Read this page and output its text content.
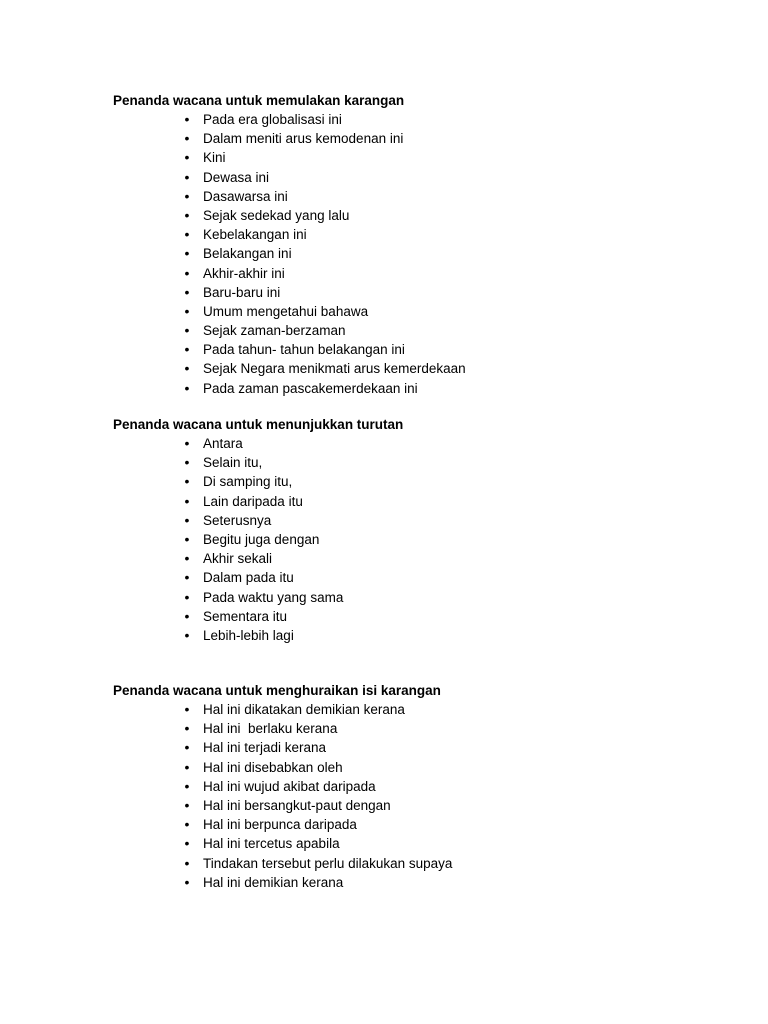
Penanda wacana untuk memulakan karangan
• Pada era globalisasi ini
• Dalam meniti arus kemodenan ini
• Kini
• Dewasa ini
• Dasawarsa ini
• Sejak sedekad yang lalu
• Kebelakangan ini
• Belakangan ini
• Akhir-akhir ini
• Baru-baru ini
• Umum mengetahui bahawa
• Sejak zaman-berzaman
• Pada tahun- tahun belakangan ini
• Sejak Negara menikmati arus kemerdekaan
• Pada zaman pascakemerdekaan ini
Penanda wacana untuk menunjukkan turutan
• Antara
• Selain itu,
• Di samping itu,
• Lain daripada itu
• Seterusnya
• Begitu juga dengan
• Akhir sekali
• Dalam pada itu
• Pada waktu yang sama
• Sementara itu
• Lebih-lebih lagi
Penanda wacana untuk menghuraikan isi karangan
• Hal ini dikatakan demikian kerana
• Hal ini  berlaku kerana
• Hal ini terjadi kerana
• Hal ini disebabkan oleh
• Hal ini wujud akibat daripada
• Hal ini bersangkut-paut dengan
• Hal ini berpunca daripada
• Hal ini tercetus apabila
• Tindakan tersebut perlu dilakukan supaya
• Hal ini demikian kerana
